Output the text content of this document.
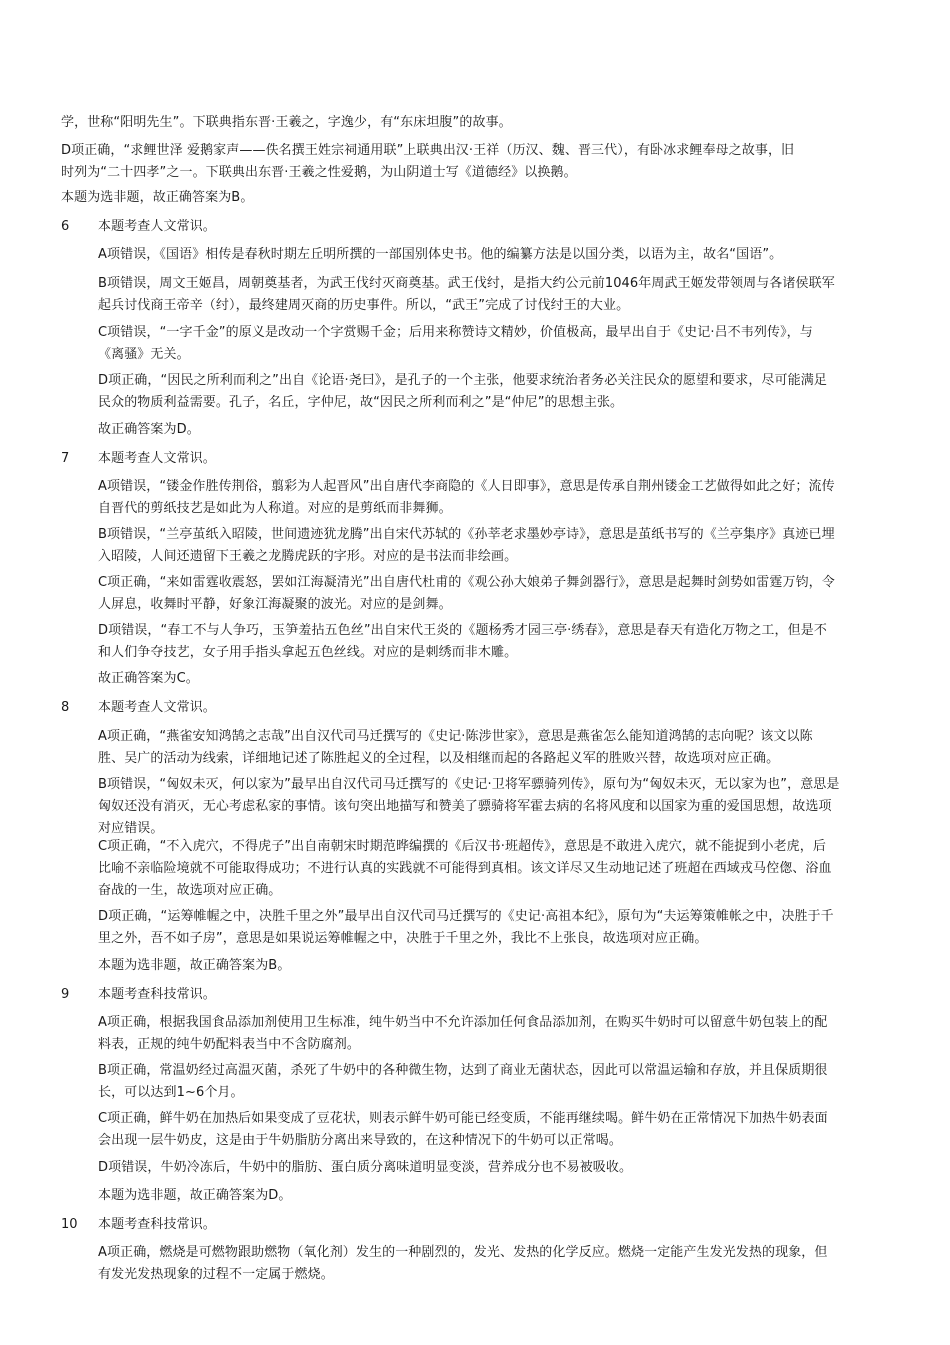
学，世称“阳明先生”。下联典指东晋·王羲之，字逸少，有“东床坦腹”的故事。
D项正确，“求鲤世泽 爱鹅家声——佚名撰王姓宗祠通用联”上联典出汉·王祥（历汉、魏、晋三代），有卧冰求鲤奉母之故事，旧
时列为“二十四孝”之一。下联典出东晋·王羲之性爱鹅，为山阴道士写《道德经》以换鹅。
本题为选非题，故正确答案为B。
6 本题考查人文常识。
A项错误，《国语》相传是春秋时期左丘明所撰的一部国别体史书。他的编纂方法是以国分类，以语为主，故名“国语”。
B项错误，周文王姬昌，周朝奠基者，为武王伐纣灭商奠基。武王伐纣，是指大约公元前1046年周武王姬发带领周与各诸侯联军
起兵讨伐商王帝辛（纣），最终建周灭商的历史事件。所以，“武王”完成了讨伐纣王的大业。
C项错误，“一字千金”的原义是改动一个字赏赐千金；后用来称赞诗文精妙，价值极高，最早出自于《史记·吕不韦列传》，与
《离骚》无关。
D项正确，“因民之所利而利之”出自《论语·尧曰》，是孔子的一个主张，他要求统治者务必关注民众的愿望和要求，尽可能满足
民众的物质利益需要。孔子，名丘，字仲尼，故“因民之所利而利之”是“仲尼”的思想主张。
故正确答案为D。
7 本题考查人文常识。
A项错误，“镂金作胜传荆俗，翦彩为人起晋风”出自唐代李商隐的《人日即事》，意思是传承自荆州镂金工艺做得如此之好；流传
自晋代的剪纸技艺是如此为人称道。对应的是剪纸而非舞狮。
B项错误，“兰亭茧纸入昭陵，世间遗迹犹龙腾”出自宋代苏轼的《孙莘老求墨妙亭诗》，意思是茧纸书写的《兰亭集序》真迹已埋
入昭陵，人间还遗留下王羲之龙腾虎跃的字形。对应的是书法而非绘画。
C项正确，“来如雷霆收震怒，罢如江海凝清光”出自唐代杜甫的《观公孙大娘弟子舞剑器行》，意思是起舞时剑势如雷霆万钧，令
人屏息，收舞时平静，好象江海凝聚的波光。对应的是剑舞。
D项错误，“春工不与人争巧，玉笋羞拈五色丝”出自宋代王炎的《题杨秀才园三亭·绣春》，意思是春天有造化万物之工，但是不
和人们争夺技艺，女子用手指头拿起五色丝线。对应的是刺绣而非木雕。
故正确答案为C。
8 本题考查人文常识。
A项正确，“燕雀安知鸿鹄之志哉”出自汉代司马迁撰写的《史记·陈涉世家》，意思是燕雀怎么能知道鸿鹄的志向呢？该文以陈
胜、吴广的活动为线索，详细地记述了陈胜起义的全过程，以及相继而起的各路起义军的胜败兴替，故选项对应正确。
B项错误，“匈奴未灭，何以家为”最早出自汉代司马迁撰写的《史记·卫将军骠骑列传》，原句为“匈奴未灭，无以家为也”，意思是
匈奴还没有消灭，无心考虑私家的事情。该句突出地描写和赞美了骠骑将军霍去病的名将风度和以国家为重的爱国思想，故选项
对应错误。
C项正确，“不入虎穴，不得虎子”出自南朝宋时期范晔编撰的《后汉书·班超传》，意思是不敢进入虎穴，就不能捉到小老虎，后
比喻不亲临险境就不可能取得成功；不进行认真的实践就不可能得到真相。该文详尽又生动地记述了班超在西域戎马倥偬、浴血
奋战的一生，故选项对应正确。
D项正确，“运筹帷幄之中，决胜千里之外”最早出自汉代司马迁撰写的《史记·高祖本纪》，原句为“夫运筹策帷帐之中，决胜于千
里之外，吾不如子房”，意思是如果说运筹帷幄之中，决胜于千里之外，我比不上张良，故选项对应正确。
本题为选非题，故正确答案为B。
9 本题考查科技常识。
A项正确，根据我国食品添加剂使用卫生标准，纯牛奶当中不允许添加任何食品添加剂，在购买牛奶时可以留意牛奶包装上的配
料表，正规的纯牛奶配料表当中不含防腐剂。
B项正确，常温奶经过高温灭菌，杀死了牛奶中的各种微生物，达到了商业无菌状态，因此可以常温运输和存放，并且保质期很
长，可以达到1~6个月。
C项正确，鲜牛奶在加热后如果变成了豆花状，则表示鲜牛奶可能已经变质，不能再继续喝。鲜牛奶在正常情况下加热牛奶表面
会出现一层牛奶皮，这是由于牛奶脂肪分离出来导致的，在这种情况下的牛奶可以正常喝。
D项错误，牛奶冷冻后，牛奶中的脂肪、蛋白质分离味道明显变淡，营养成分也不易被吸收。
本题为选非题，故正确答案为D。
10 本题考查科技常识。
A项正确，燃烧是可燃物跟助燃物（氧化剂）发生的一种剧烈的，发光、发热的化学反应。燃烧一定能产生发光发热的现象，但
有发光发热现象的过程不一定属于燃烧。
